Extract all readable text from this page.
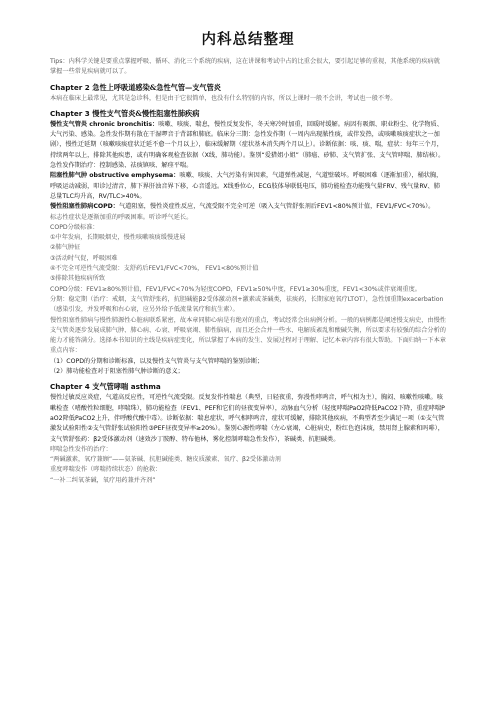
内科总结整理

Tips：内科学关键是要重点掌握呼吸、循环、消化三个系统的疾病，这在讲课和考试中占的比重会很大，要引起足够的重视，其他系统的疾病就掌握一些常见疾病就可以了。

Chapter 2 急性上呼吸道感染&急性气管—支气管炎

本病在临床上最常见，尤其是急诊科，但是由于它很简单，也没有什么特别的内容，所以上课时一般不会讲，考试也一般不考。

Chapter 3 慢性支气管炎&慢性阻塞性肺疾病

慢性支气管炎 chronic bronchitis：咳嗽、咳痰、喘息，慢性反复发作，冬天寒冷时加重，回暖时缓解。病因有吸烟、职业粉尘、化学物质、大气污染、感染。急性发作期有散在干湿啰音于背部和肺底。临床分三期：急性发作期（一周内出现脓性痰，或伴发热，或咳嗽咳痰症状之一加剧），慢性迁延期（咳嗽咳痰症状迁延不愈一个月以上），临床缓解期（症状基本消失两个月以上）。诊断依据：咳、痰、喘，症状：每年三个月，持续两年以上，排除其他疾患，或有明确客观检查依据（X线，肺功能）。鉴别“爱猎姐小姐”（肺癌、矽肺、支气管扩张、支气管哮喘、肺结核）。急性发作期治疗：控制感染、祛痰镇咳、解痉平喘。

阻塞性肺气肿 obstructive emphysema：咳嗽、咳痰、大气污染有害因素，气道弹性减退，气道壁破坏。呼吸困难（逐渐加重），桶状胸，呼吸运动减弱，叩诊过清音，肺下界肝浊音界下移，心音遥远。X线垂位心，ECG肢体导联低电压，肺功能检查功能残气量FRV、残气量RV、肺总量TLC均升高，RV/TLC>40%。

慢性阻塞性肺病COPD：气道阻塞，慢性炎症性反应，气流受限不完全可逆（吸入支气管舒张剂后FEV1<80%预计值，FEV1/FVC<70%）。

标志性症状是逐渐加重的呼吸困难。听诊呼气延长。

COPD分级标准：

①中年发病，长期吸烟史，慢性咳嗽咳痰缓慢进展

②肺气肿征

③活动时气促，呼吸困难

④不完全可逆性气流受限：支舒药后FEV1/FVC<70%， FEV1<80%预计值

⑤排除其他疾病所致

COPD分级：FEV1≥80%预计值，FEV1/FVC<70%为轻度COPD，FEV1≥50%中度，FEV1≥30%重度，FEV1<30%或伴衰竭重度。

分期：稳定期（治疗：戒烟，支气管舒张药，抗胆碱能β2受体激动剂+激素或茶碱类，祛痰药，长期家庭氧疗LTOT），急性加重期exacerbation（感染引发，并发呼吸和右心衰，应另外给予低流量氧疗和抗生素）。

慢性阻塞性肺病与慢性肺源性心脏病联系紧密，故本章同肺心病是有绝对的重点，考试经常会出病例分析。一般的病例都是阐述慢支病史，由慢性支气管炎逐步发展成肺气肿、肺心病、心衰、呼吸衰竭、肺性脑病，而且还会合并一些水、电解质紊乱和酸碱失衡，所以要求有较强的综合分析的能力才能答满分。选择本书知识的主线是疾病症变化，所以掌握了本病的发生、发展过程对于理解、记忆本章内容有很大帮助。下面归纳一下本章重点内容：

（1）COPD的分期和诊断标准，以及慢性支气管炎与支气管哮喘的鉴别诊断；

（2）肺功能检查对于阻塞性肺气肿诊断的意义；

Chapter 4 支气管哮喘 asthma

慢性过敏反应炎症，气道高反应性，可逆性气流受限。反复发作性喘息（典型，日轻夜重，弥漫性哮鸣音，呼气相为主），胸闷、咳嗽性咳嗽。咳嗽检查（嗜酸性粒细胞，哮喘珠），肺功能检查（FEV1、PEF和它们的昼夜变异率），动脉血气分析（轻度哮喘PaO2降低PaCO2下降，重症哮喘PaO2降低PaCO2上升，伴呼酸代酸中毒）。诊断依据：喘息症状，呼气相哮鸣音，症状可缓解，排除其他疾病，不典型者至少满足一项（①支气管激发试验阳性②支气管舒张试验阳性③PEF昼夜变异率≥20%）。鉴别心源性哮喘（左心衰竭，心脏病史，粉红色泡沫痰，禁用肾上腺素和吗啡），支气管舒张药：β2受体激动剂（速效沙丁胺醇、特布他林，雾化控制哮喘急性发作），茶碱类、抗胆碱类。

哮喘急性发作的治疗：

“两碱激素，氧疗兼顾”——氨茶碱、抗胆碱能类、糖皮质激素、氧疗、β2受体激动剂

重度哮喘发作（哮喘持续状态）的抢救：

“一补二纠氧茶碱，氧疗用药兼并齐剂”
